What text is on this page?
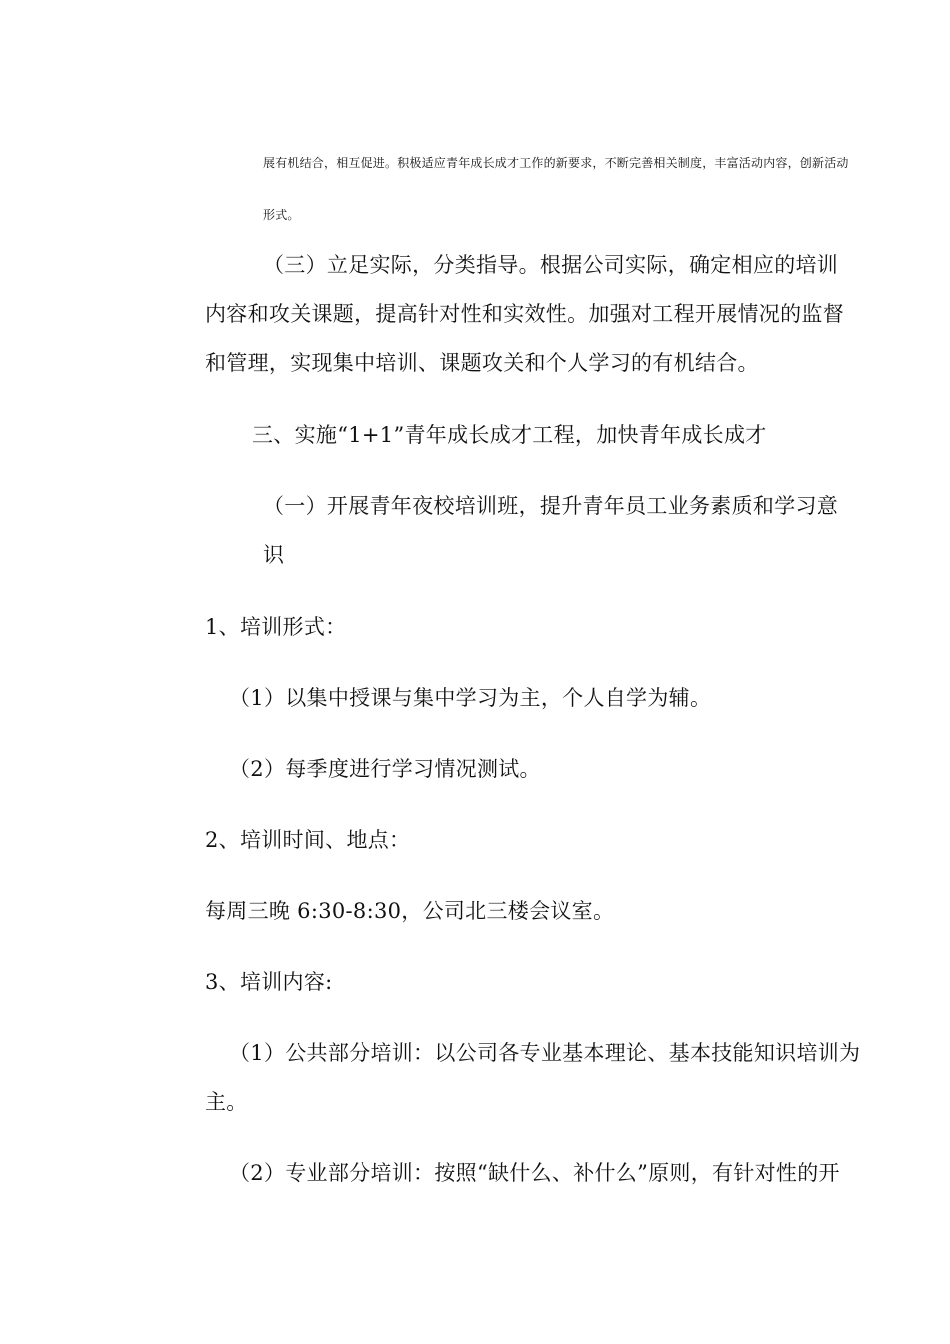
展有机结合，相互促进。积极适应青年成长成才工作的新要求，不断完善相关制度，丰富活动内容，创新活动
形式。
（三）立足实际，分类指导。根据公司实际，确定相应的培训
内容和攻关课题，提高针对性和实效性。加强对工程开展情况的监督
和管理，实现集中培训、课题攻关和个人学习的有机结合。
三、实施“1+1”青年成长成才工程，加快青年成长成才
（一）开展青年夜校培训班，提升青年员工业务素质和学习意
识
1、培训形式：
（1）以集中授课与集中学习为主，个人自学为辅。
（2）每季度进行学习情况测试。
2、培训时间、地点：
每周三晚 6:30-8:30，公司北三楼会议室。
3、培训内容:
（1）公共部分培训：以公司各专业基本理论、基本技能知识培训为
主。
（2）专业部分培训：按照“缺什么、补什么”原则，有针对性的开
